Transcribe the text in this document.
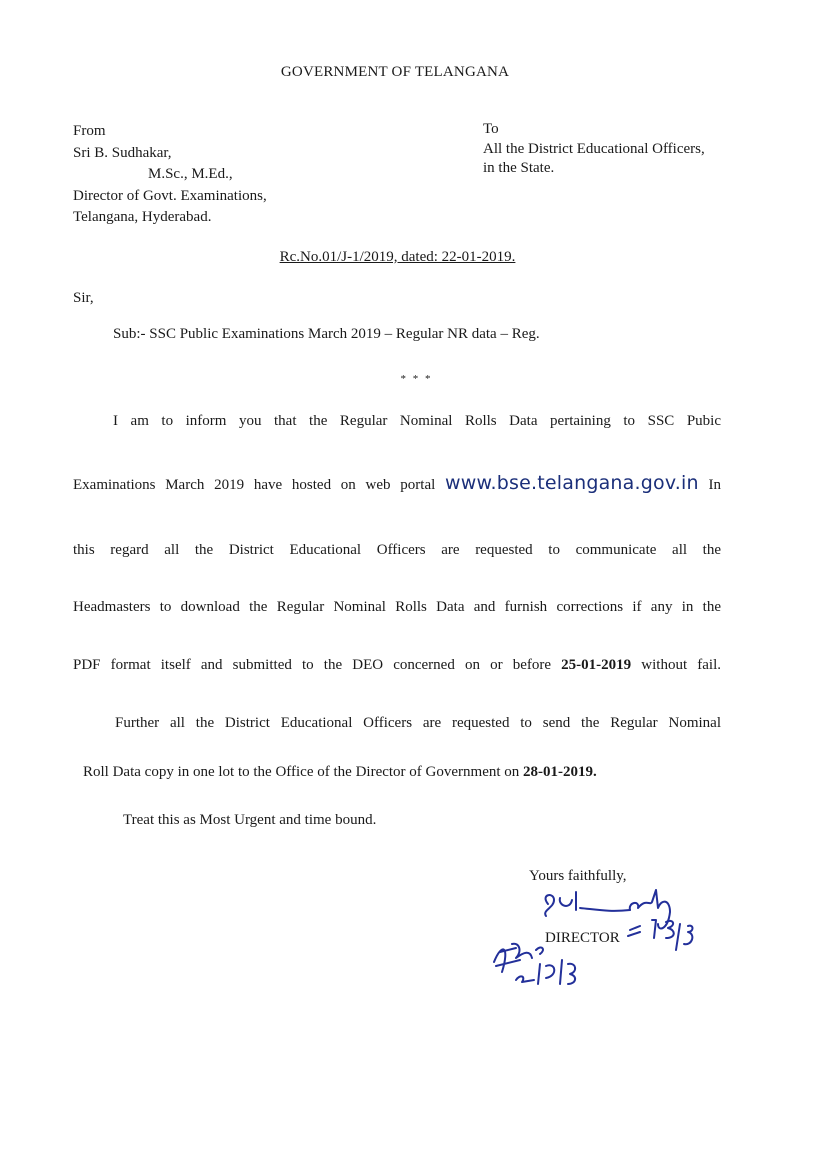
GOVERNMENT OF TELANGANA
From
Sri B. Sudhakar,
M.Sc., M.Ed.,
Director of Govt. Examinations,
Telangana, Hyderabad.
To
All the District Educational Officers,
in the State.
Rc.No.01/J-1/2019, dated: 22-01-2019.
Sir,
Sub:- SSC Public Examinations March 2019 – Regular NR data – Reg.
* * *
I am to inform you that the Regular Nominal Rolls Data pertaining to SSC Pubic
Examinations March 2019 have hosted on web portal www.bse.telangana.gov.in In
this regard all the District Educational Officers are requested to communicate all the
Headmasters to download the Regular Nominal Rolls Data and furnish corrections if any in the
PDF format itself and submitted to the DEO concerned on or before 25-01-2019 without fail.
Further all the District Educational Officers are requested to send the Regular Nominal
Roll Data copy in one lot to the Office of the Director of Government on 28-01-2019.
Treat this as Most Urgent and time bound.
Yours faithfully,
DIRECTOR
